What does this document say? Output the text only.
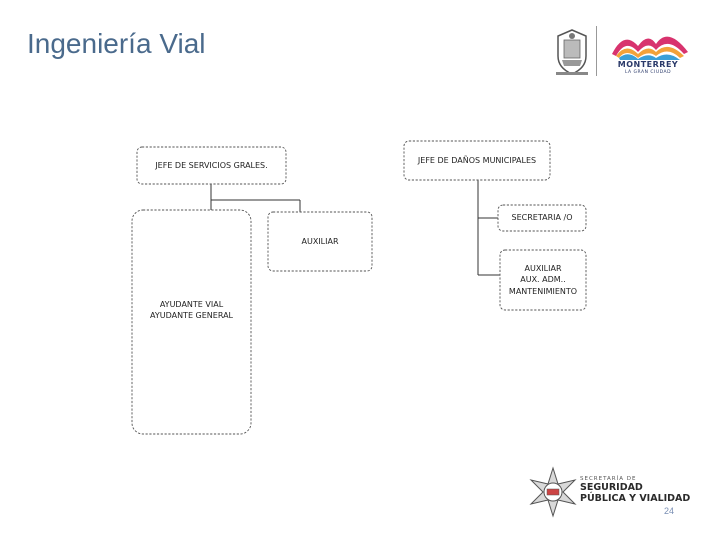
Ingeniería Vial
MONTERREY
LA GRAN CIUDAD
JEFE DE SERVICIOS GRALES.
JEFE DE DAÑOS MUNICIPALES
SECRETARIA /O
AUXILIAR
AUXILIAR
AUX. ADM..
MANTENIMIENTO
AYUDANTE VIAL
AYUDANTE GENERAL
SECRETARÍA DE
SEGURIDAD
PÚBLICA Y VIALIDAD
24
